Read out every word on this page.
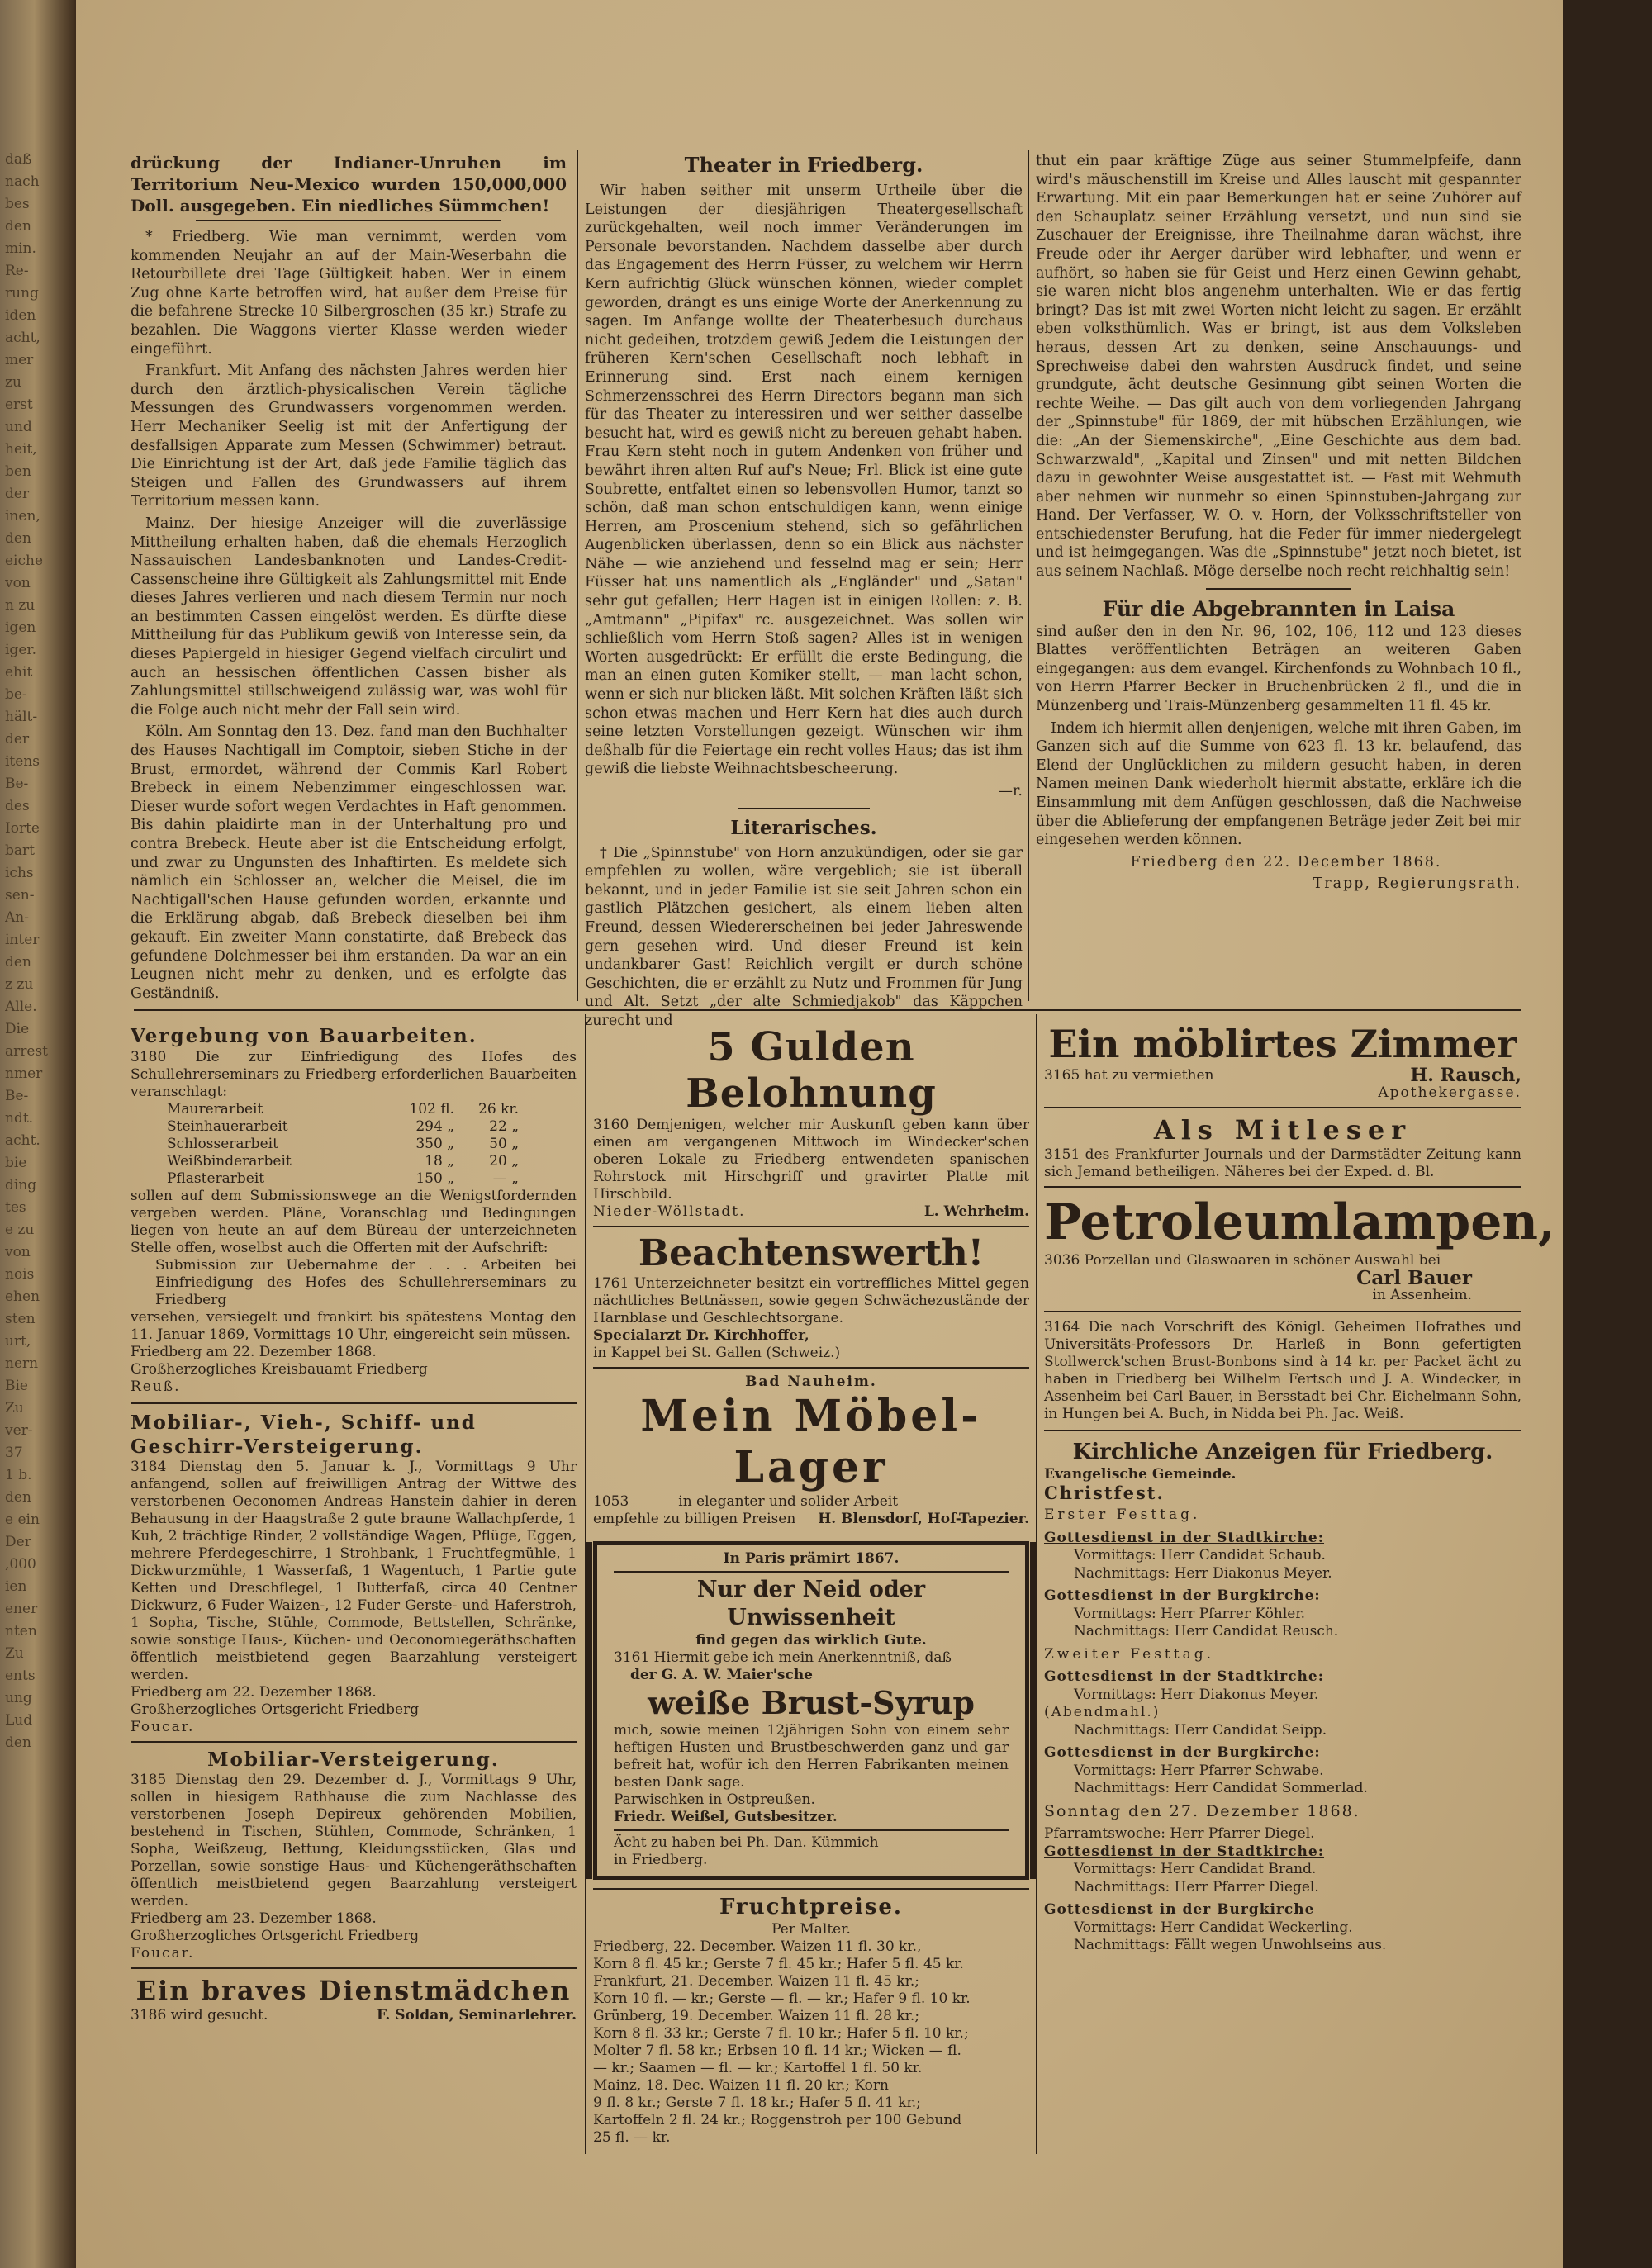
daß
nach
bes
den
min.
Re-
rung
iden
acht,
mer
zu
erst
und
heit,
ben
der
inen,
den
eiche
von
n zu
igen
iger.
ehit
be-
hält-
der
itens
Be-
des
Iorte
bart
ichs
sen-
An-
inter
den
z zu
Alle.
Die
arrest
nmer
Be-
ndt.
acht.
bie
ding
tes
e zu
von
nois
ehen
sten
urt,
nern
Bie
Zu
ver-
37
1 b.
den
e ein
Der
,000
ien
ener
nten
Zu
ents
ung
Lud
den

drückung der Indianer-Unruhen im Territorium Neu-Mexico wurden 150,000,000 Doll. ausgegeben. Ein niedliches Sümmchen!

* Friedberg. Wie man vernimmt, werden vom kommenden Neujahr an auf der Main-Weserbahn die Retourbillete drei Tage Gültigkeit haben. Wer in einem Zug ohne Karte betroffen wird, hat außer dem Preise für die befahrene Strecke 10 Silbergroschen (35 kr.) Strafe zu bezahlen. Die Waggons vierter Klasse werden wieder eingeführt.

Frankfurt. Mit Anfang des nächsten Jahres werden hier durch den ärztlich-physicalischen Verein tägliche Messungen des Grundwassers vorgenommen werden. Herr Mechaniker Seelig ist mit der Anfertigung der desfallsigen Apparate zum Messen (Schwimmer) betraut. Die Einrichtung ist der Art, daß jede Familie täglich das Steigen und Fallen des Grundwassers auf ihrem Territorium messen kann.

Mainz. Der hiesige Anzeiger will die zuverlässige Mittheilung erhalten haben, daß die ehemals Herzoglich Nassauischen Landesbanknoten und Landes-Credit-Cassenscheine ihre Gültigkeit als Zahlungsmittel mit Ende dieses Jahres verlieren und nach diesem Termin nur noch an bestimmten Cassen eingelöst werden. Es dürfte diese Mittheilung für das Publikum gewiß von Interesse sein, da dieses Papiergeld in hiesiger Gegend vielfach circulirt und auch an hessischen öffentlichen Cassen bisher als Zahlungsmittel stillschweigend zulässig war, was wohl für die Folge auch nicht mehr der Fall sein wird.

Köln. Am Sonntag den 13. Dez. fand man den Buchhalter des Hauses Nachtigall im Comptoir, sieben Stiche in der Brust, ermordet, während der Commis Karl Robert Brebeck in einem Nebenzimmer eingeschlossen war. Dieser wurde sofort wegen Verdachtes in Haft genommen. Bis dahin plaidirte man in der Unterhaltung pro und contra Brebeck. Heute aber ist die Entscheidung erfolgt, und zwar zu Ungunsten des Inhaftirten. Es meldete sich nämlich ein Schlosser an, welcher die Meisel, die im Nachtigall'schen Hause gefunden worden, erkannte und die Erklärung abgab, daß Brebeck dieselben bei ihm gekauft. Ein zweiter Mann constatirte, daß Brebeck das gefundene Dolchmesser bei ihm erstanden. Da war an ein Leugnen nicht mehr zu denken, und es erfolgte das Geständniß.

Theater in Friedberg.

Wir haben seither mit unserm Urtheile über die Leistungen der diesjährigen Theatergesellschaft zurückgehalten, weil noch immer Veränderungen im Personale bevorstanden. Nachdem dasselbe aber durch das Engagement des Herrn Füsser, zu welchem wir Herrn Kern aufrichtig Glück wünschen können, wieder complet geworden, drängt es uns einige Worte der Anerkennung zu sagen. Im Anfange wollte der Theaterbesuch durchaus nicht gedeihen, trotzdem gewiß Jedem die Leistungen der früheren Kern'schen Gesellschaft noch lebhaft in Erinnerung sind. Erst nach einem kernigen Schmerzensschrei des Herrn Directors begann man sich für das Theater zu interessiren und wer seither dasselbe besucht hat, wird es gewiß nicht zu bereuen gehabt haben. Frau Kern steht noch in gutem Andenken von früher und bewährt ihren alten Ruf auf's Neue; Frl. Blick ist eine gute Soubrette, entfaltet einen so lebensvollen Humor, tanzt so schön, daß man schon entschuldigen kann, wenn einige Herren, am Proscenium stehend, sich so gefährlichen Augenblicken überlassen, denn so ein Blick aus nächster Nähe — wie anziehend und fesselnd mag er sein; Herr Füsser hat uns namentlich als „Engländer" und „Satan" sehr gut gefallen; Herr Hagen ist in einigen Rollen: z. B. „Amtmann" „Pipifax" rc. ausgezeichnet. Was sollen wir schließlich vom Herrn Stoß sagen? Alles ist in wenigen Worten ausgedrückt: Er erfüllt die erste Bedingung, die man an einen guten Komiker stellt, — man lacht schon, wenn er sich nur blicken läßt. Mit solchen Kräften läßt sich schon etwas machen und Herr Kern hat dies auch durch seine letzten Vorstellungen gezeigt. Wünschen wir ihm deßhalb für die Feiertage ein recht volles Haus; das ist ihm gewiß die liebste Weihnachtsbescheerung.

—r.
Literarisches.

† Die „Spinnstube" von Horn anzukündigen, oder sie gar empfehlen zu wollen, wäre vergeblich; sie ist überall bekannt, und in jeder Familie ist sie seit Jahren schon ein gastlich Plätzchen gesichert, als einem lieben alten Freund, dessen Wiedererscheinen bei jeder Jahreswende gern gesehen wird. Und dieser Freund ist kein undankbarer Gast! Reichlich vergilt er durch schöne Geschichten, die er erzählt zu Nutz und Frommen für Jung und Alt. Setzt „der alte Schmiedjakob" das Käppchen zurecht und

thut ein paar kräftige Züge aus seiner Stummelpfeife, dann wird's mäuschenstill im Kreise und Alles lauscht mit gespannter Erwartung. Mit ein paar Bemerkungen hat er seine Zuhörer auf den Schauplatz seiner Erzählung versetzt, und nun sind sie Zuschauer der Ereignisse, ihre Theilnahme daran wächst, ihre Freude oder ihr Aerger darüber wird lebhafter, und wenn er aufhört, so haben sie für Geist und Herz einen Gewinn gehabt, sie waren nicht blos angenehm unterhalten. Wie er das fertig bringt? Das ist mit zwei Worten nicht leicht zu sagen. Er erzählt eben volksthümlich. Was er bringt, ist aus dem Volksleben heraus, dessen Art zu denken, seine Anschauungs- und Sprechweise dabei den wahrsten Ausdruck findet, und seine grundgute, ächt deutsche Gesinnung gibt seinen Worten die rechte Weihe. — Das gilt auch von dem vorliegenden Jahrgang der „Spinnstube" für 1869, der mit hübschen Erzählungen, wie die: „An der Siemenskirche", „Eine Geschichte aus dem bad. Schwarzwald", „Kapital und Zinsen" und mit netten Bildchen dazu in gewohnter Weise ausgestattet ist. — Fast mit Wehmuth aber nehmen wir nunmehr so einen Spinnstuben-Jahrgang zur Hand. Der Verfasser, W. O. v. Horn, der Volksschriftsteller von entschiedenster Berufung, hat die Feder für immer niedergelegt und ist heimgegangen. Was die „Spinnstube" jetzt noch bietet, ist aus seinem Nachlaß. Möge derselbe noch recht reichhaltig sein!

Für die Abgebrannten in Laisa

sind außer den in den Nr. 96, 102, 106, 112 und 123 dieses Blattes veröffentlichten Beträgen an weiteren Gaben eingegangen: aus dem evangel. Kirchenfonds zu Wohnbach 10 fl., von Herrn Pfarrer Becker in Bruchenbrücken 2 fl., und die in Münzenberg und Trais-Münzenberg gesammelten 11 fl. 45 kr.

Indem ich hiermit allen denjenigen, welche mit ihren Gaben, im Ganzen sich auf die Summe von 623 fl. 13 kr. belaufend, das Elend der Unglücklichen zu mildern gesucht haben, in deren Namen meinen Dank wiederholt hiermit abstatte, erkläre ich die Einsammlung mit dem Anfügen geschlossen, daß die Nachweise über die Ablieferung der empfangenen Beträge jeder Zeit bei mir eingesehen werden können.

Friedberg den 22. December 1868.

Trapp, Regierungsrath.

Vergebung von Bauarbeiten.

3180 Die zur Einfriedigung des Hofes des Schullehrerseminars zu Friedberg erforderlichen Bauarbeiten veranschlagt:

Maurerarbeit	102 fl.	26 kr.
Steinhauerarbeit	294 „	22 „
Schlosserarbeit	350 „	50 „
Weißbinderarbeit	18 „	20 „
Pflasterarbeit	150 „	— „

sollen auf dem Submissionswege an die Wenigstfordernden vergeben werden. Pläne, Voranschlag und Bedingungen liegen von heute an auf dem Büreau der unterzeichneten Stelle offen, woselbst auch die Offerten mit der Aufschrift:

Submission zur Uebernahme der . . . Arbeiten bei Einfriedigung des Hofes des Schullehrerseminars zu Friedberg

versehen, versiegelt und frankirt bis spätestens Montag den 11. Januar 1869, Vormittags 10 Uhr, eingereicht sein müssen.

Friedberg am 22. Dezember 1868.

Großherzogliches Kreisbauamt Friedberg

Reuß.

Mobiliar-, Vieh-, Schiff- und Geschirr-Versteigerung.

3184 Dienstag den 5. Januar k. J., Vormittags 9 Uhr anfangend, sollen auf freiwilligen Antrag der Wittwe des verstorbenen Oeconomen Andreas Hanstein dahier in deren Behausung in der Haagstraße 2 gute braune Wallachpferde, 1 Kuh, 2 trächtige Rinder, 2 vollständige Wagen, Pflüge, Eggen, mehrere Pferdegeschirre, 1 Strohbank, 1 Fruchtfegmühle, 1 Dickwurzmühle, 1 Wasserfaß, 1 Wagentuch, 1 Partie gute Ketten und Dreschflegel, 1 Butterfaß, circa 40 Centner Dickwurz, 6 Fuder Waizen-, 12 Fuder Gerste- und Haferstroh, 1 Sopha, Tische, Stühle, Commode, Bettstellen, Schränke, sowie sonstige Haus-, Küchen- und Oeconomiegeräthschaften öffentlich meistbietend gegen Baarzahlung versteigert werden.

Friedberg am 22. Dezember 1868.

Großherzogliches Ortsgericht Friedberg

Foucar.

Mobiliar-Versteigerung.

3185 Dienstag den 29. Dezember d. J., Vormittags 9 Uhr, sollen in hiesigem Rathhause die zum Nachlasse des verstorbenen Joseph Depireux gehörenden Mobilien, bestehend in Tischen, Stühlen, Commode, Schränken, 1 Sopha, Weißzeug, Bettung, Kleidungsstücken, Glas und Porzellan, sowie sonstige Haus- und Küchengeräthschaften öffentlich meistbietend gegen Baarzahlung versteigert werden.

Friedberg am 23. Dezember 1868.

Großherzogliches Ortsgericht Friedberg

Foucar.

Ein braves Dienstmädchen
3186 wird gesucht.	F. Soldan, Seminarlehrer.
5 Gulden Belohnung

3160 Demjenigen, welcher mir Auskunft geben kann über einen am vergangenen Mittwoch im Windecker'schen oberen Lokale zu Friedberg entwendeten spanischen Rohrstock mit Hirschgriff und gravirter Platte mit Hirschbild.

Nieder-Wöllstadt.	L. Wehrheim.
Beachtenswerth!

1761 Unterzeichneter besitzt ein vortreffliches Mittel gegen nächtliches Bettnässen, sowie gegen Schwächezustände der Harnblase und Geschlechtsorgane.

Specialarzt Dr. Kirchhoffer,

in Kappel bei St. Gallen (Schweiz.)

Bad Nauheim.
Mein Möbel-Lager
1053	in eleganter und solider Arbeit
empfehle zu billigen Preisen H. Blensdorf, Hof-Tapezier.
In Paris prämirt 1867.
Nur der Neid oder Unwissenheit
find gegen das wirklich Gute.

3161 Hiermit gebe ich mein Anerkenntniß, daß

der G. A. W. Maier'sche

weiße Brust-Syrup

mich, sowie meinen 12jährigen Sohn von einem sehr heftigen Husten und Brustbeschwerden ganz und gar befreit hat, wofür ich den Herren Fabrikanten meinen besten Dank sage.

Parwischken in Ostpreußen.

Friedr. Weißel, Gutsbesitzer.

Ächt zu haben bei Ph. Dan. Kümmich

in Friedberg.

Fruchtpreise.
Per Malter.
Friedberg, 22. December. Waizen 11 fl. 30 kr.,
Korn 8 fl. 45 kr.; Gerste 7 fl. 45 kr.; Hafer 5 fl. 45 kr.
Frankfurt, 21. December. Waizen 11 fl. 45 kr.;
Korn 10 fl. — kr.; Gerste — fl. — kr.; Hafer 9 fl. 10 kr.
Grünberg, 19. December. Waizen 11 fl. 28 kr.;
Korn 8 fl. 33 kr.; Gerste 7 fl. 10 kr.; Hafer 5 fl. 10 kr.;
Molter 7 fl. 58 kr.; Erbsen 10 fl. 14 kr.; Wicken — fl.
— kr.; Saamen — fl. — kr.; Kartoffel 1 fl. 50 kr.
Mainz, 18. Dec. Waizen 11 fl. 20 kr.; Korn
9 fl. 8 kr.; Gerste 7 fl. 18 kr.; Hafer 5 fl. 41 kr.;
Kartoffeln 2 fl. 24 kr.; Roggenstroh per 100 Gebund
25 fl. — kr.
Ein möblirtes Zimmer
3165 hat zu vermiethen	H. Rausch,
Apothekergasse.
Als Mitleser

3151 des Frankfurter Journals und der Darmstädter Zeitung kann sich Jemand betheiligen. Näheres bei der Exped. d. Bl.

Petroleumlampen,

3036 Porzellan und Glaswaaren in schöner Auswahl bei

Carl Bauer
in Assenheim.

3164 Die nach Vorschrift des Königl. Geheimen Hofrathes und Universitäts-Professors Dr. Harleß in Bonn gefertigten Stollwerck'schen Brust-Bonbons sind à 14 kr. per Packet ächt zu haben in Friedberg bei Wilhelm Fertsch und J. A. Windecker, in Assenheim bei Carl Bauer, in Bersstadt bei Chr. Eichelmann Sohn, in Hungen bei A. Buch, in Nidda bei Ph. Jac. Weiß.

Kirchliche Anzeigen für Friedberg.

Evangelische Gemeinde.

Christfest.

Erster Festtag.

Gottesdienst in der Stadtkirche:

Vormittags: Herr Candidat Schaub.

Nachmittags: Herr Diakonus Meyer.

Gottesdienst in der Burgkirche:

Vormittags: Herr Pfarrer Köhler.

Nachmittags: Herr Candidat Reusch.

Zweiter Festtag.

Gottesdienst in der Stadtkirche:

Vormittags: Herr Diakonus Meyer.

(Abendmahl.)

Nachmittags: Herr Candidat Seipp.

Gottesdienst in der Burgkirche:

Vormittags: Herr Pfarrer Schwabe.

Nachmittags: Herr Candidat Sommerlad.

Sonntag den 27. Dezember 1868.

Pfarramtswoche: Herr Pfarrer Diegel.

Gottesdienst in der Stadtkirche:

Vormittags: Herr Candidat Brand.

Nachmittags: Herr Pfarrer Diegel.

Gottesdienst in der Burgkirche

Vormittags: Herr Candidat Weckerling.

Nachmittags: Fällt wegen Unwohlseins aus.
